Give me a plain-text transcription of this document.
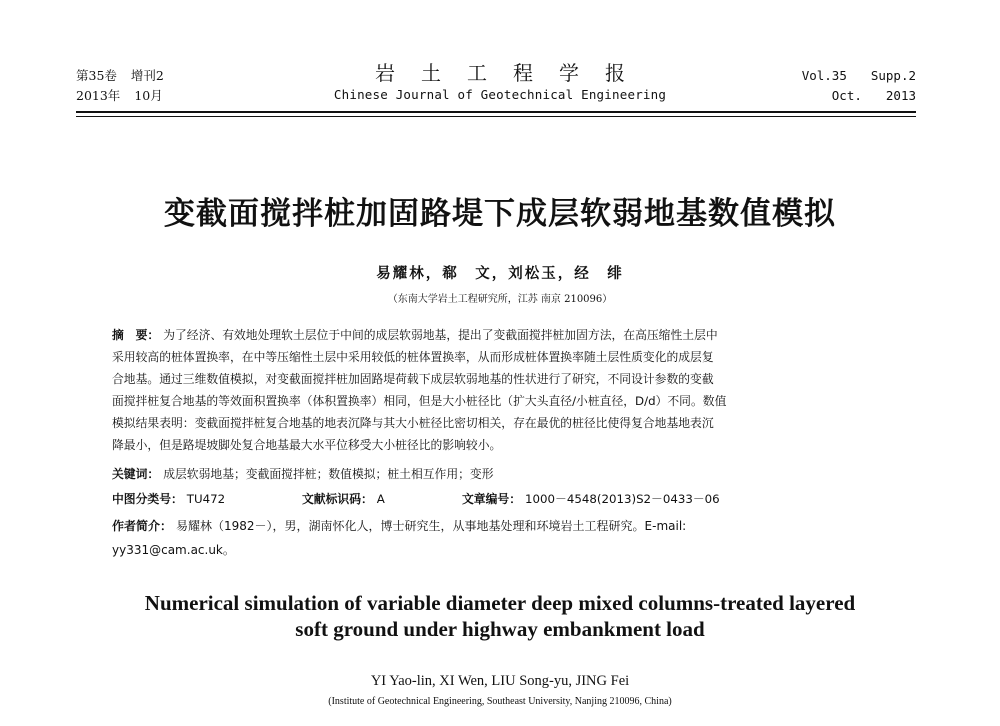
第35卷 增刊2
2013年 10月
岩土工程学报
Chinese Journal of Geotechnical Engineering
Vol.35 Supp.2
Oct. 2013
变截面搅拌桩加固路堤下成层软弱地基数值模拟
易耀林，郗　文，刘松玉，经　绯
（东南大学岩土工程研究所，江苏 南京 210096）
摘　要： 为了经济、有效地处理软土层位于中间的成层软弱地基，提出了变截面搅拌桩加固方法，在高压缩性土层中
采用较高的桩体置换率，在中等压缩性土层中采用较低的桩体置换率，从而形成桩体置换率随土层性质变化的成层复
合地基。通过三维数值模拟，对变截面搅拌桩加固路堤荷载下成层软弱地基的性状进行了研究，不同设计参数的变截
面搅拌桩复合地基的等效面积置换率（体积置换率）相同，但是大小桩径比（扩大头直径/小桩直径，D/d）不同。数值
模拟结果表明：变截面搅拌桩复合地基的地表沉降与其大小桩径比密切相关，存在最优的桩径比使得复合地基地表沉
降最小，但是路堤坡脚处复合地基最大水平位移受大小桩径比的影响较小。
关键词： 成层软弱地基；变截面搅拌桩；数值模拟；桩土相互作用；变形
中图分类号： TU472	文献标识码： A	文章编号： 1000－4548(2013)S2－0433－06
作者简介： 易耀林（1982－），男，湖南怀化人，博士研究生，从事地基处理和环境岩土工程研究。E-mail:
yy331@cam.ac.uk。
Numerical simulation of variable diameter deep mixed columns-treated layered
soft ground under highway embankment load
YI Yao-lin, XI Wen, LIU Song-yu, JING Fei
(Institute of Geotechnical Engineering, Southeast University, Nanjing 210096, China)
